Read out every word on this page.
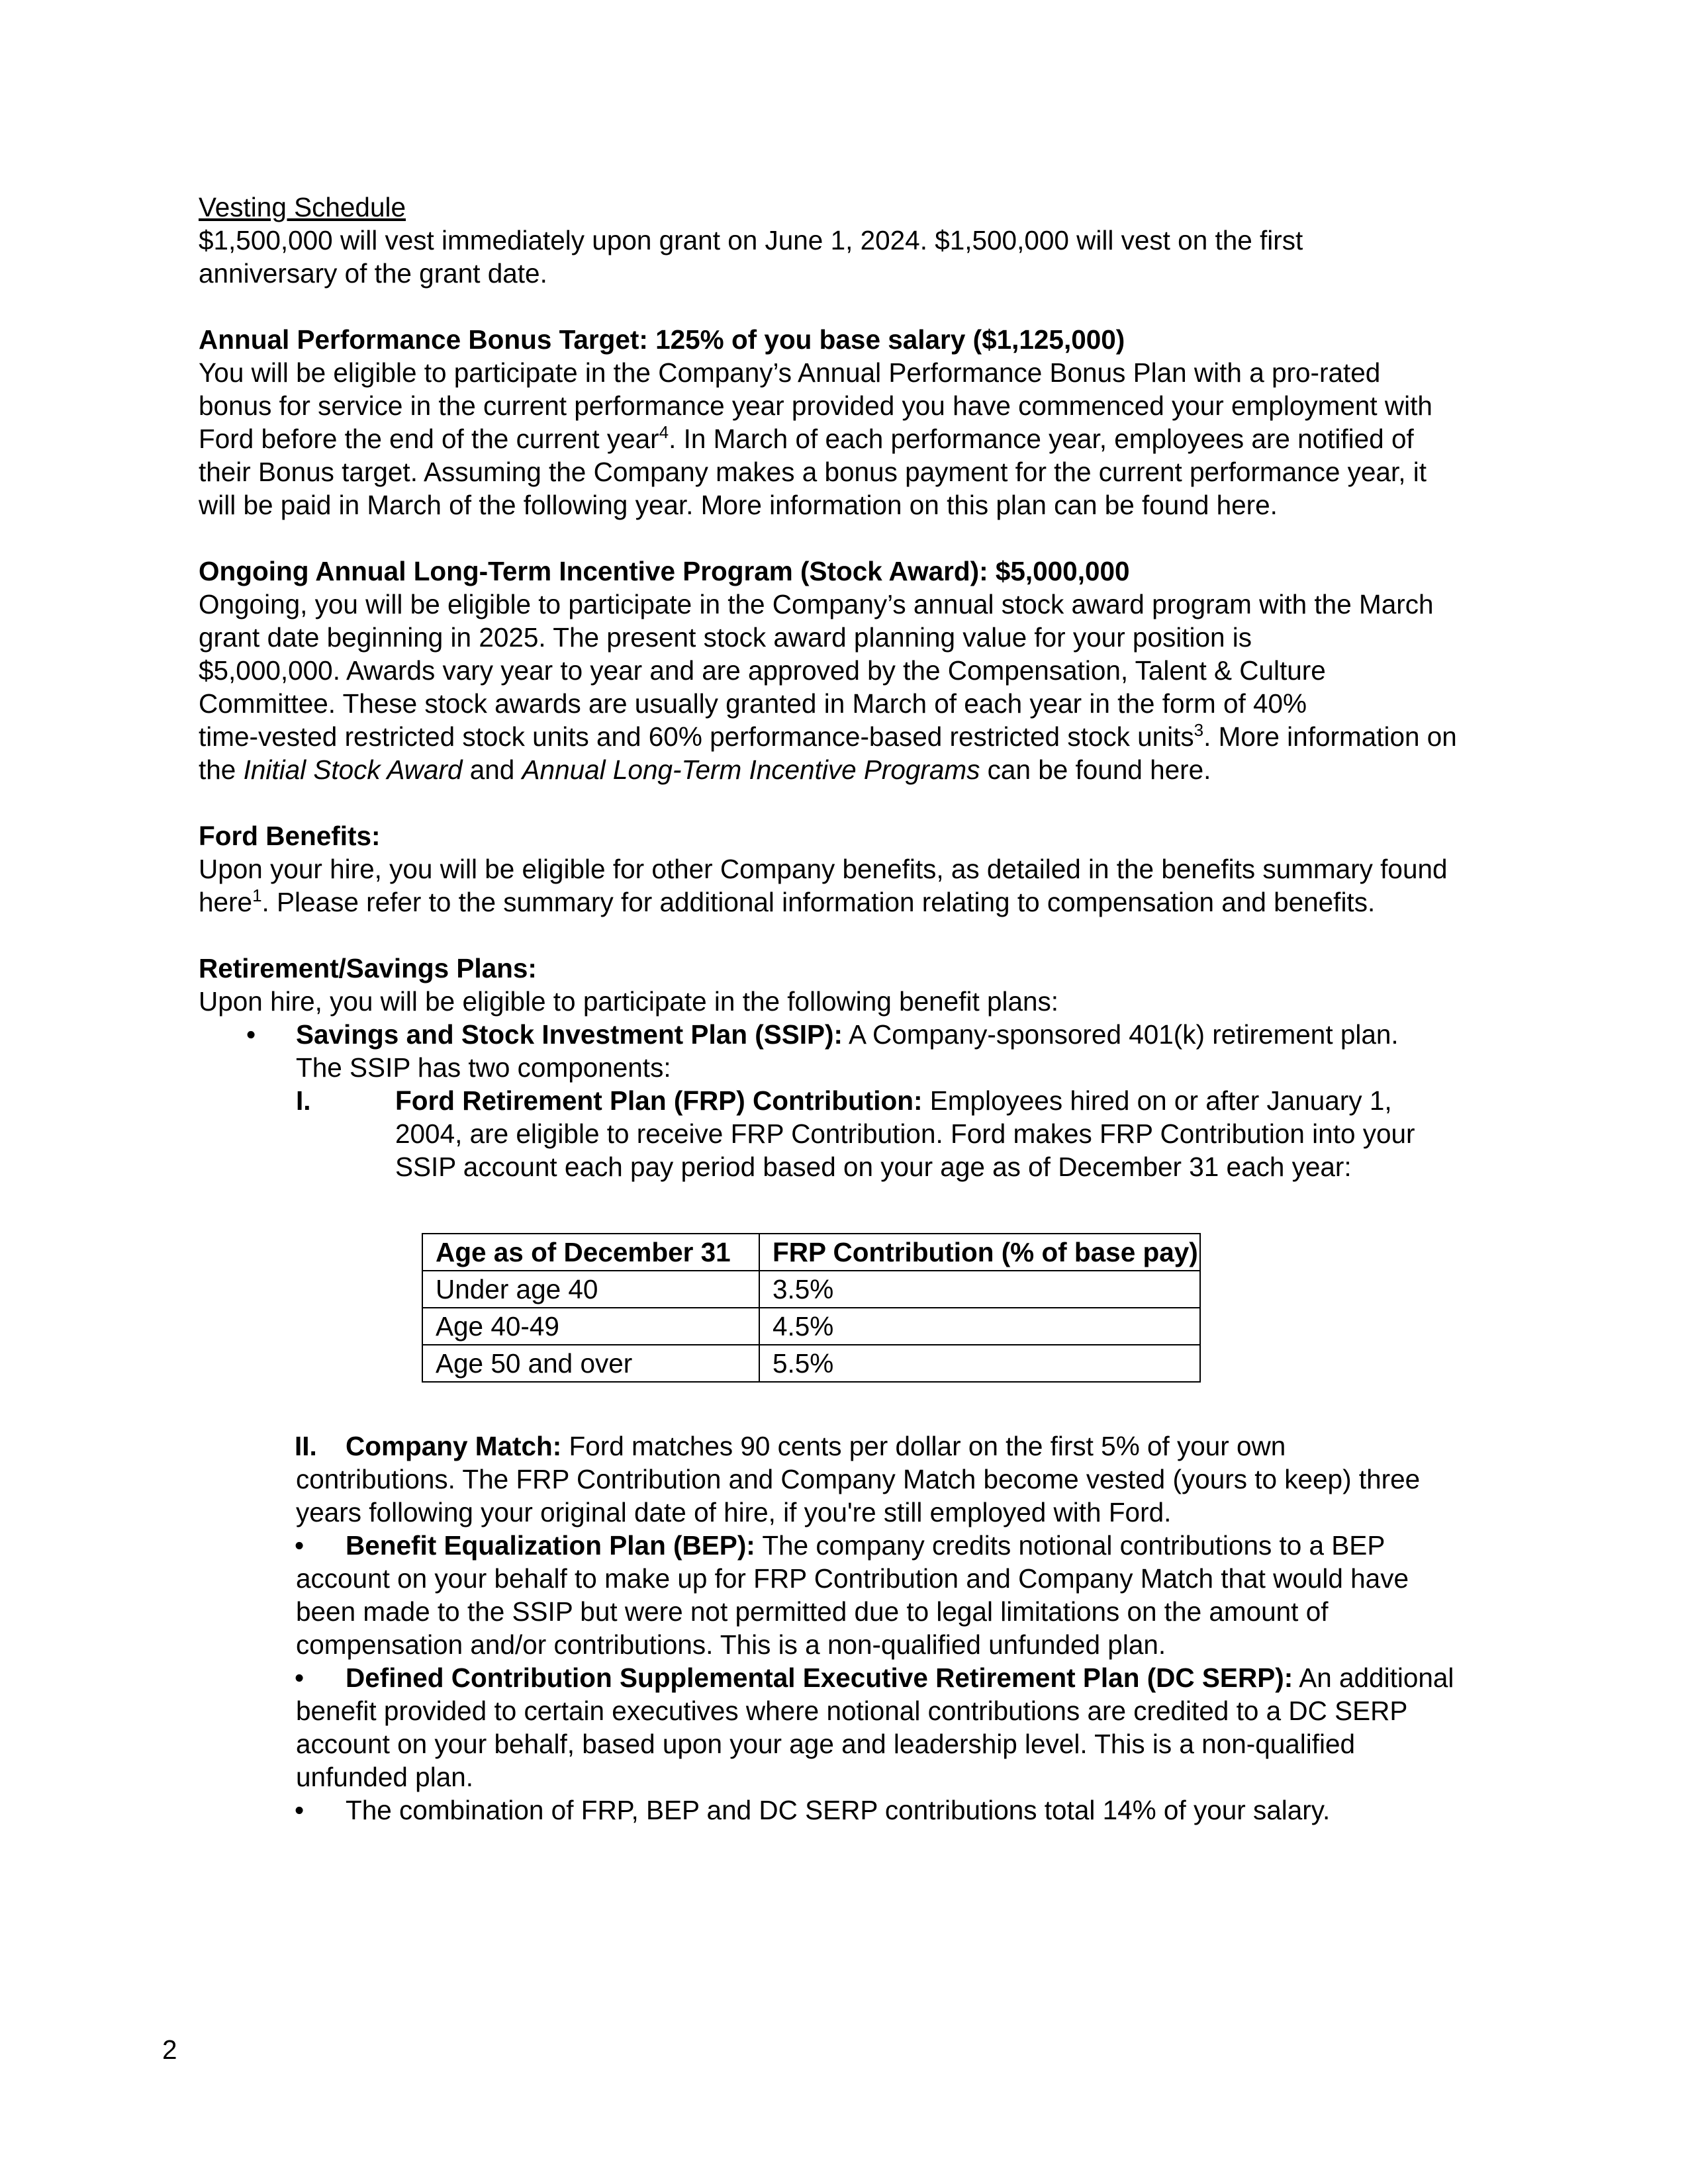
Vesting Schedule
$1,500,000 will vest immediately upon grant on June 1, 2024. $1,500,000 will vest on the first
anniversary of the grant date.
Annual Performance Bonus Target: 125% of you base salary ($1,125,000)
You will be eligible to participate in the Company’s Annual Performance Bonus Plan with a pro-rated
bonus for service in the current performance year provided you have commenced your employment with
Ford before the end of the current year$^4$. In March of each performance year, employees are notified of
their Bonus target. Assuming the Company makes a bonus payment for the current performance year, it
will be paid in March of the following year. More information on this plan can be found here.
Ongoing Annual Long-Term Incentive Program (Stock Award): $5,000,000
Ongoing, you will be eligible to participate in the Company’s annual stock award program with the March
grant date beginning in 2025. The present stock award planning value for your position is
$5,000,000. Awards vary year to year and are approved by the Compensation, Talent & Culture
Committee. These stock awards are usually granted in March of each year in the form of 40%
time-vested restricted stock units and 60% performance-based restricted stock units$^3$. More information on
the Initial Stock Award and Annual Long-Term Incentive Programs can be found here.
Ford Benefits:
Upon your hire, you will be eligible for other Company benefits, as detailed in the benefits summary found
here$^1$. Please refer to the summary for additional information relating to compensation and benefits.
Retirement/Savings Plans:
Upon hire, you will be eligible to participate in the following benefit plans:
• Savings and Stock Investment Plan (SSIP): A Company-sponsored 401(k) retirement plan.
The SSIP has two components:
I.	Ford Retirement Plan (FRP) Contribution: Employees hired on or after January 1,
2004, are eligible to receive FRP Contribution. Ford makes FRP Contribution into your
SSIP account each pay period based on your age as of December 31 each year:
Age as of December 31	FRP Contribution (% of base pay)
Under age 40	3.5%
Age 40-49	4.5%
Age 50 and over	5.5%
II. Company Match: Ford matches 90 cents per dollar on the first 5% of your own
contributions. The FRP Contribution and Company Match become vested (yours to keep) three
years following your original date of hire, if you're still employed with Ford.
• Benefit Equalization Plan (BEP): The company credits notional contributions to a BEP
account on your behalf to make up for FRP Contribution and Company Match that would have
been made to the SSIP but were not permitted due to legal limitations on the amount of
compensation and/or contributions. This is a non-qualified unfunded plan.
• Defined Contribution Supplemental Executive Retirement Plan (DC SERP): An additional
benefit provided to certain executives where notional contributions are credited to a DC SERP
account on your behalf, based upon your age and leadership level. This is a non-qualified
unfunded plan.
• The combination of FRP, BEP and DC SERP contributions total 14% of your salary.
2
